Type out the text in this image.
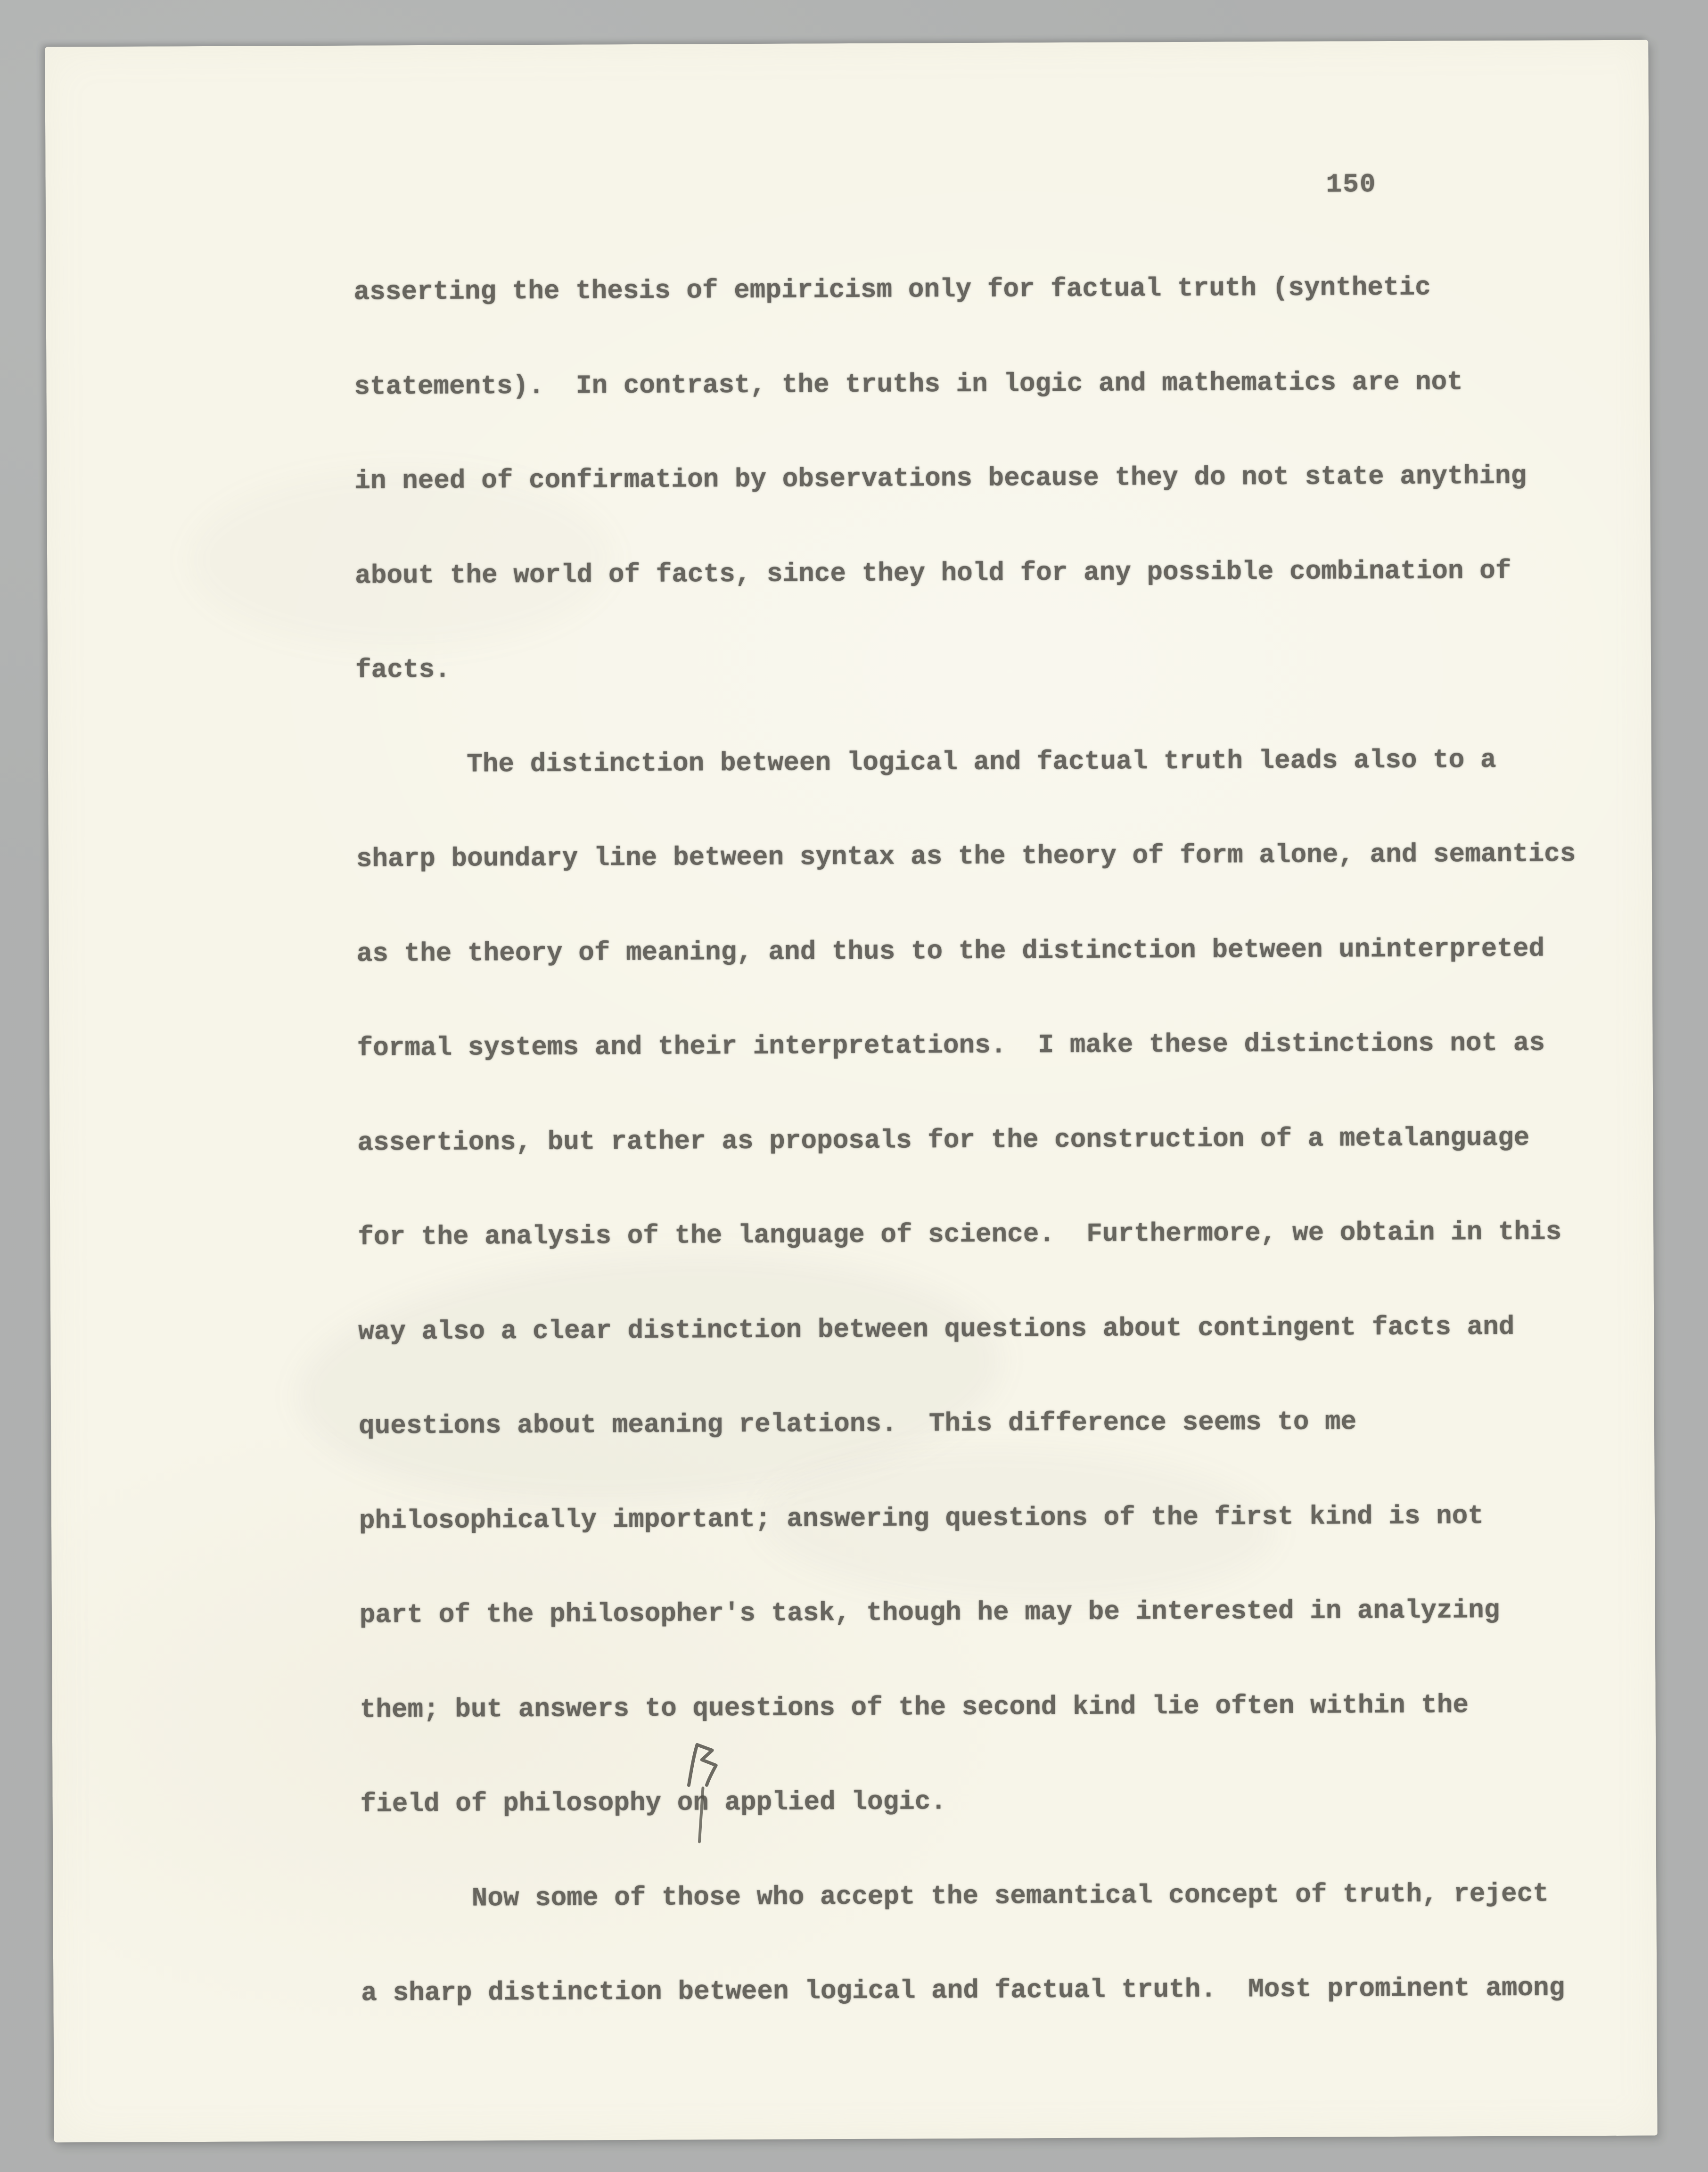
150
asserting the thesis of empiricism only for factual truth (synthetic
statements).  In contrast, the truths in logic and mathematics are not
in need of confirmation by observations because they do not state anything
about the world of facts, since they hold for any possible combination of
facts.
The distinction between logical and factual truth leads also to a
sharp boundary line between syntax as the theory of form alone, and semantics
as the theory of meaning, and thus to the distinction between uninterpreted
formal systems and their interpretations.  I make these distinctions not as
assertions, but rather as proposals for the construction of a metalanguage
for the analysis of the language of science.  Furthermore, we obtain in this
way also a clear distinction between questions about contingent facts and
questions about meaning relations.  This difference seems to me
philosophically important; answering questions of the first kind is not
part of the philosopher's task, though he may be interested in analyzing
them; but answers to questions of the second kind lie often within the
field of philosophy on applied logic.
Now some of those who accept the semantical concept of truth, reject
a sharp distinction between logical and factual truth.  Most prominent among
